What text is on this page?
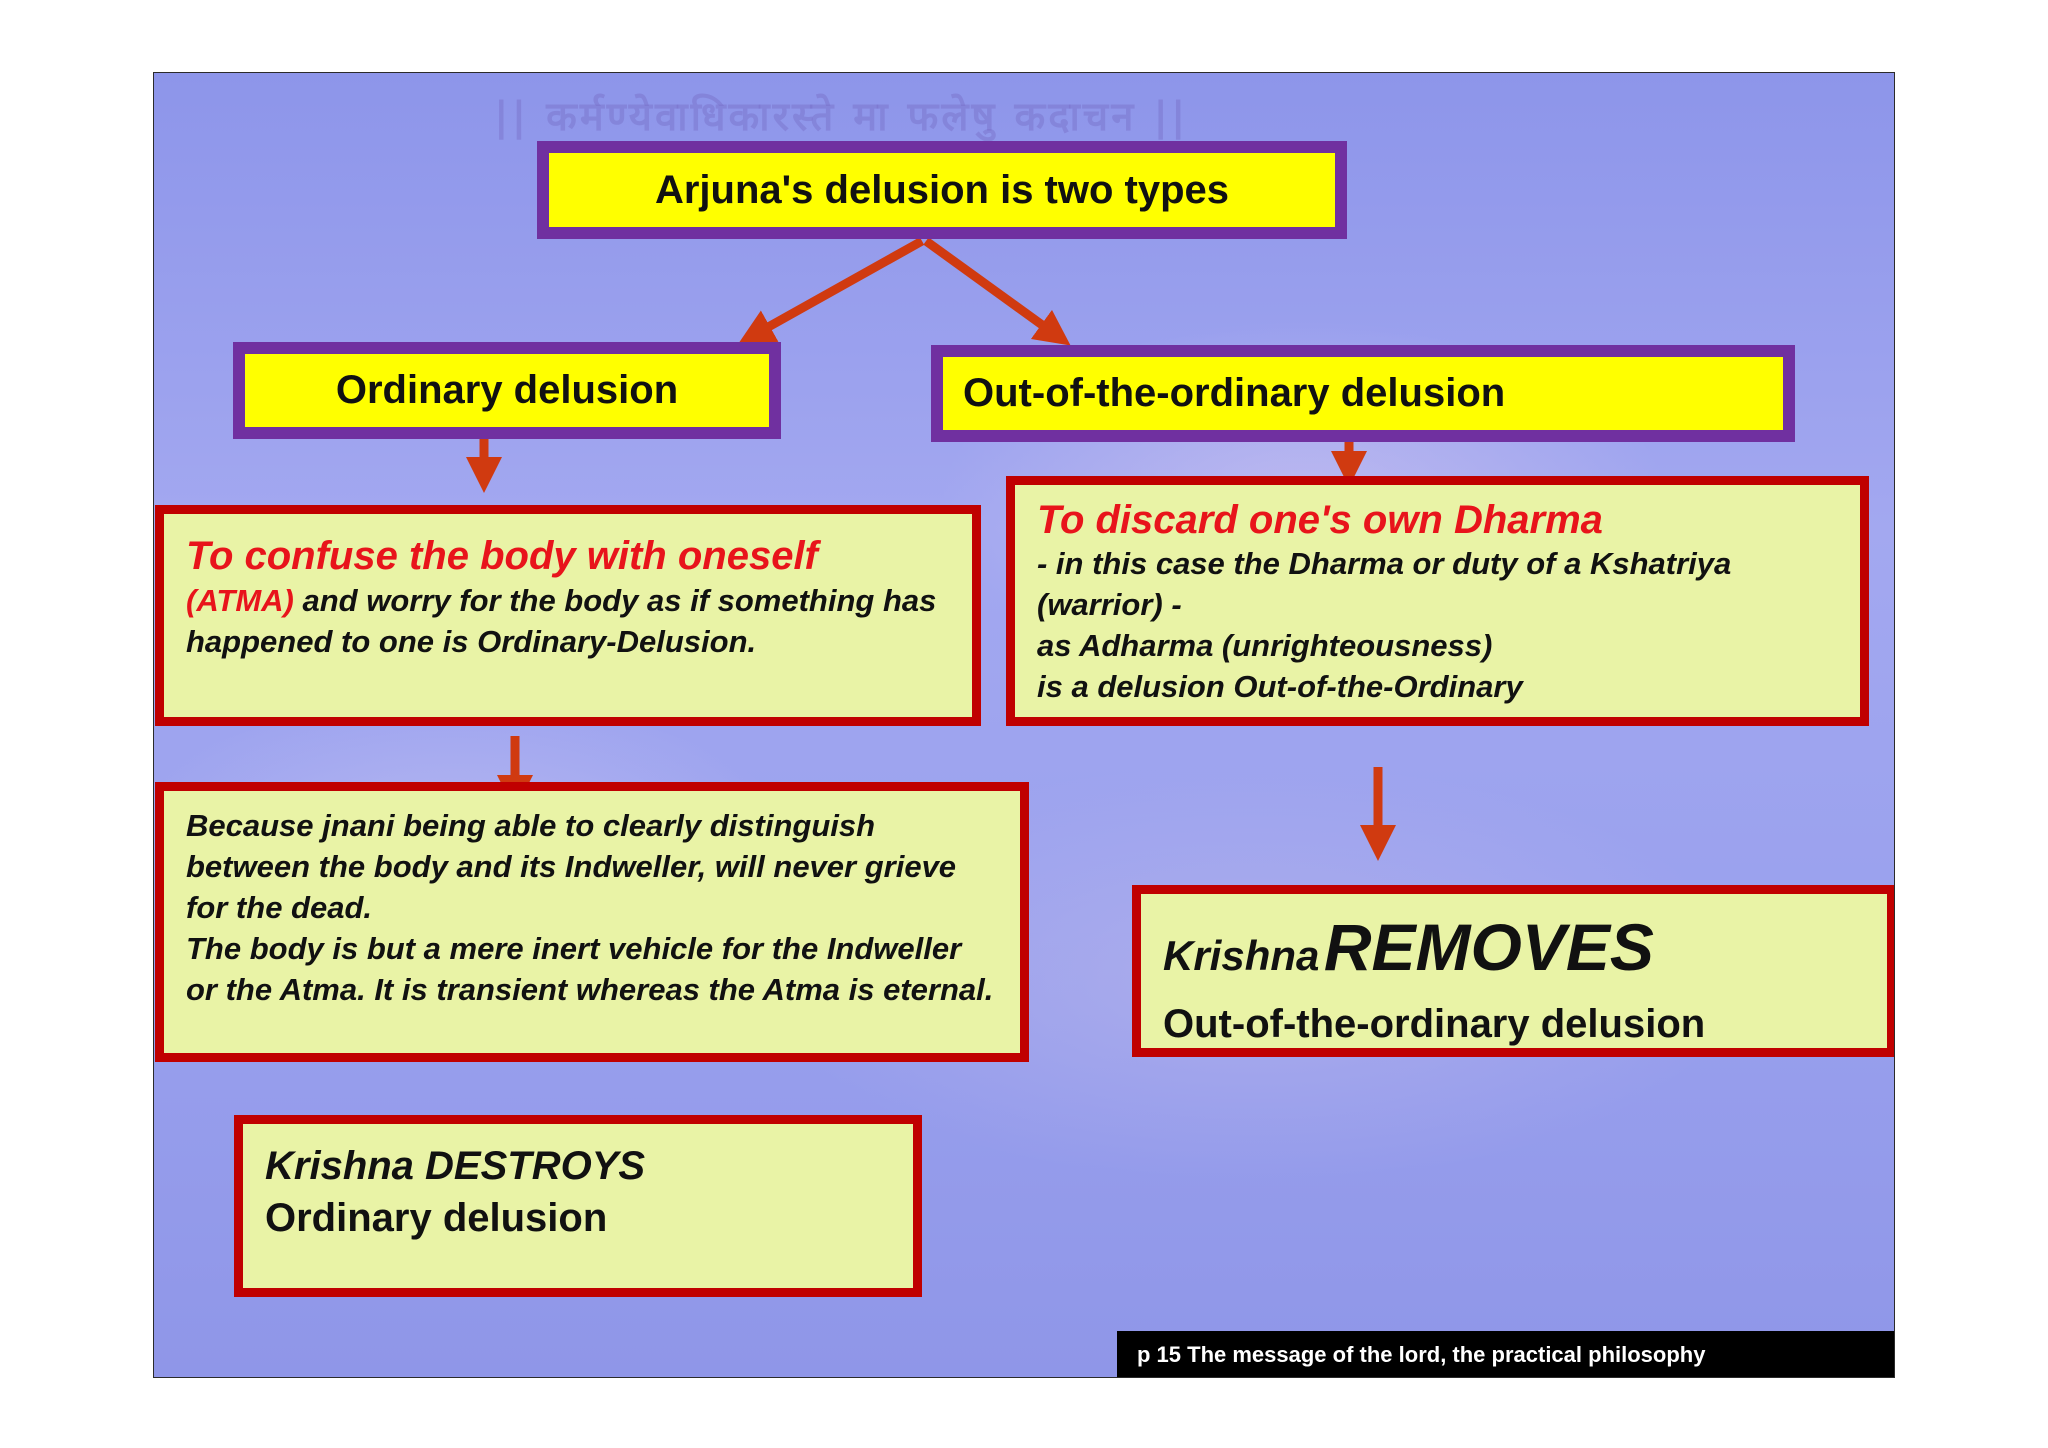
|| कर्मण्येवाधिकारस्ते मा फलेषु कदाचन ||
Arjuna's delusion is two types
Ordinary delusion	Out-of-the-ordinary delusion
To confuse the body with oneself
(ATMA) and worry for the body as if something has happened to one is Ordinary-Delusion.
To discard one's own Dharma
- in this case the Dharma or duty of a Kshatriya (warrior) -
as Adharma (unrighteousness)
is a delusion Out-of-the-Ordinary
Because jnani being able to clearly distinguish between the body and its Indweller, will never grieve for the dead.
The body is but a mere inert vehicle for the Indweller or the Atma. It is transient whereas the Atma is eternal.
Krishna REMOVES
Out-of-the-ordinary delusion
Krishna DESTROYS
Ordinary delusion
p 15 The message of the lord, the practical philosophy
